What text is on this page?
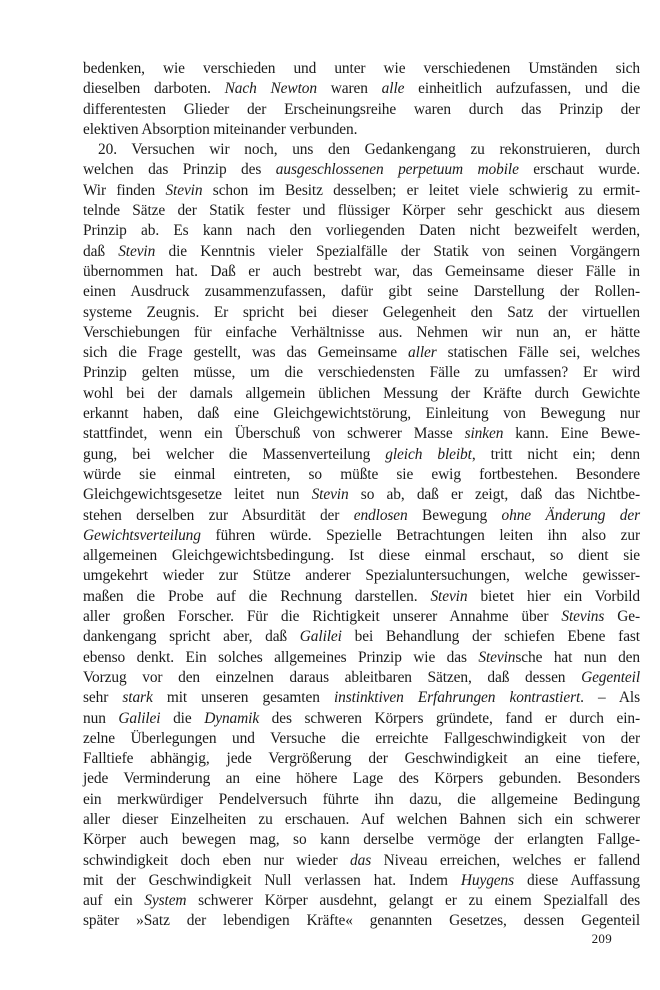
bedenken, wie verschieden und unter wie verschiedenen Umständen sich
dieselben darboten. Nach Newton waren alle einheitlich aufzufassen, und die
differentesten Glieder der Erscheinungsreihe waren durch das Prinzip der
elektiven Absorption miteinander verbunden.
20. Versuchen wir noch, uns den Gedankengang zu rekonstruieren, durch
welchen das Prinzip des ausgeschlossenen perpetuum mobile erschaut wurde.
Wir finden Stevin schon im Besitz desselben; er leitet viele schwierig zu ermit-
telnde Sätze der Statik fester und flüssiger Körper sehr geschickt aus diesem
Prinzip ab. Es kann nach den vorliegenden Daten nicht bezweifelt werden,
daß Stevin die Kenntnis vieler Spezialfälle der Statik von seinen Vorgängern
übernommen hat. Daß er auch bestrebt war, das Gemeinsame dieser Fälle in
einen Ausdruck zusammenzufassen, dafür gibt seine Darstellung der Rollen-
systeme Zeugnis. Er spricht bei dieser Gelegenheit den Satz der virtuellen
Verschiebungen für einfache Verhältnisse aus. Nehmen wir nun an, er hätte
sich die Frage gestellt, was das Gemeinsame aller statischen Fälle sei, welches
Prinzip gelten müsse, um die verschiedensten Fälle zu umfassen? Er wird
wohl bei der damals allgemein üblichen Messung der Kräfte durch Gewichte
erkannt haben, daß eine Gleichgewichtstörung, Einleitung von Bewegung nur
stattfindet, wenn ein Überschuß von schwerer Masse sinken kann. Eine Bewe-
gung, bei welcher die Massenverteilung gleich bleibt, tritt nicht ein; denn
würde sie einmal eintreten, so müßte sie ewig fortbestehen. Besondere
Gleichgewichtsgesetze leitet nun Stevin so ab, daß er zeigt, daß das Nichtbe-
stehen derselben zur Absurdität der endlosen Bewegung ohne Änderung der
Gewichtsverteilung führen würde. Spezielle Betrachtungen leiten ihn also zur
allgemeinen Gleichgewichtsbedingung. Ist diese einmal erschaut, so dient sie
umgekehrt wieder zur Stütze anderer Spezialuntersuchungen, welche gewisser-
maßen die Probe auf die Rechnung darstellen. Stevin bietet hier ein Vorbild
aller großen Forscher. Für die Richtigkeit unserer Annahme über Stevins Ge-
dankengang spricht aber, daß Galilei bei Behandlung der schiefen Ebene fast
ebenso denkt. Ein solches allgemeines Prinzip wie das Stevinsche hat nun den
Vorzug vor den einzelnen daraus ableitbaren Sätzen, daß dessen Gegenteil
sehr stark mit unseren gesamten instinktiven Erfahrungen kontrastiert. – Als
nun Galilei die Dynamik des schweren Körpers gründete, fand er durch ein-
zelne Überlegungen und Versuche die erreichte Fallgeschwindigkeit von der
Falltiefe abhängig, jede Vergrößerung der Geschwindigkeit an eine tiefere,
jede Verminderung an eine höhere Lage des Körpers gebunden. Besonders
ein merkwürdiger Pendelversuch führte ihn dazu, die allgemeine Bedingung
aller dieser Einzelheiten zu erschauen. Auf welchen Bahnen sich ein schwerer
Körper auch bewegen mag, so kann derselbe vermöge der erlangten Fallge-
schwindigkeit doch eben nur wieder das Niveau erreichen, welches er fallend
mit der Geschwindigkeit Null verlassen hat. Indem Huygens diese Auffassung
auf ein System schwerer Körper ausdehnt, gelangt er zu einem Spezialfall des
später »Satz der lebendigen Kräfte« genannten Gesetzes, dessen Gegenteil
209
